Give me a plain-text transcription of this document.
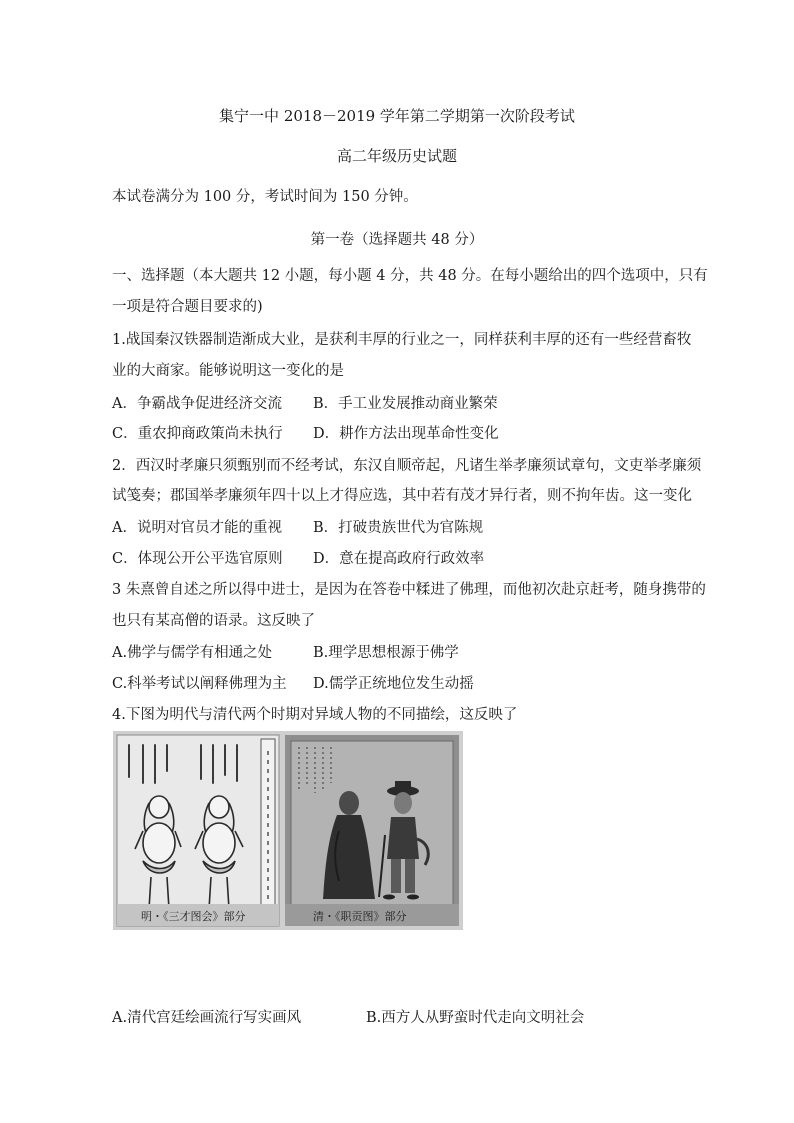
集宁一中 2018－2019 学年第二学期第一次阶段考试
高二年级历史试题
本试卷满分为 100 分，考试时间为 150 分钟。
第一卷（选择题共 48 分）
一、选择题（本大题共 12 小题，每小题 4 分，共 48 分。在每小题给出的四个选项中，只有
一项是符合题目要求的)
1.战国秦汉铁器制造渐成大业，是获利丰厚的行业之一，同样获利丰厚的还有一些经营畜牧
业的大商家。能够说明这一变化的是
A．争霸战争促进经济交流 B．手工业发展推动商业繁荣
C．重农抑商政策尚未执行 D．耕作方法出现革命性变化
2．西汉时孝廉只须甄别而不经考试，东汉自顺帝起，凡诸生举孝廉须试章句，文吏举孝廉须
试笺奏；郡国举孝廉须年四十以上才得应选，其中若有茂才异行者，则不拘年齿。这一变化
A．说明对官员才能的重视 B．打破贵族世代为官陈规
C．体现公开公平选官原则 D．意在提高政府行政效率
3 朱熹曾自述之所以得中进士，是因为在答卷中糅进了佛理，而他初次赴京赶考，随身携带的
也只有某高僧的语录。这反映了
A.佛学与儒学有相通之处	B.理学思想根源于佛学
C.科举考试以阐释佛理为主 D.儒学正统地位发生动摇
4.下图为明代与清代两个时期对异域人物的不同描绘，这反映了
明・《三才图会》部分	清・《职贡图》部分
A.清代宫廷绘画流行写实画风	B.西方人从野蛮时代走向文明社会
